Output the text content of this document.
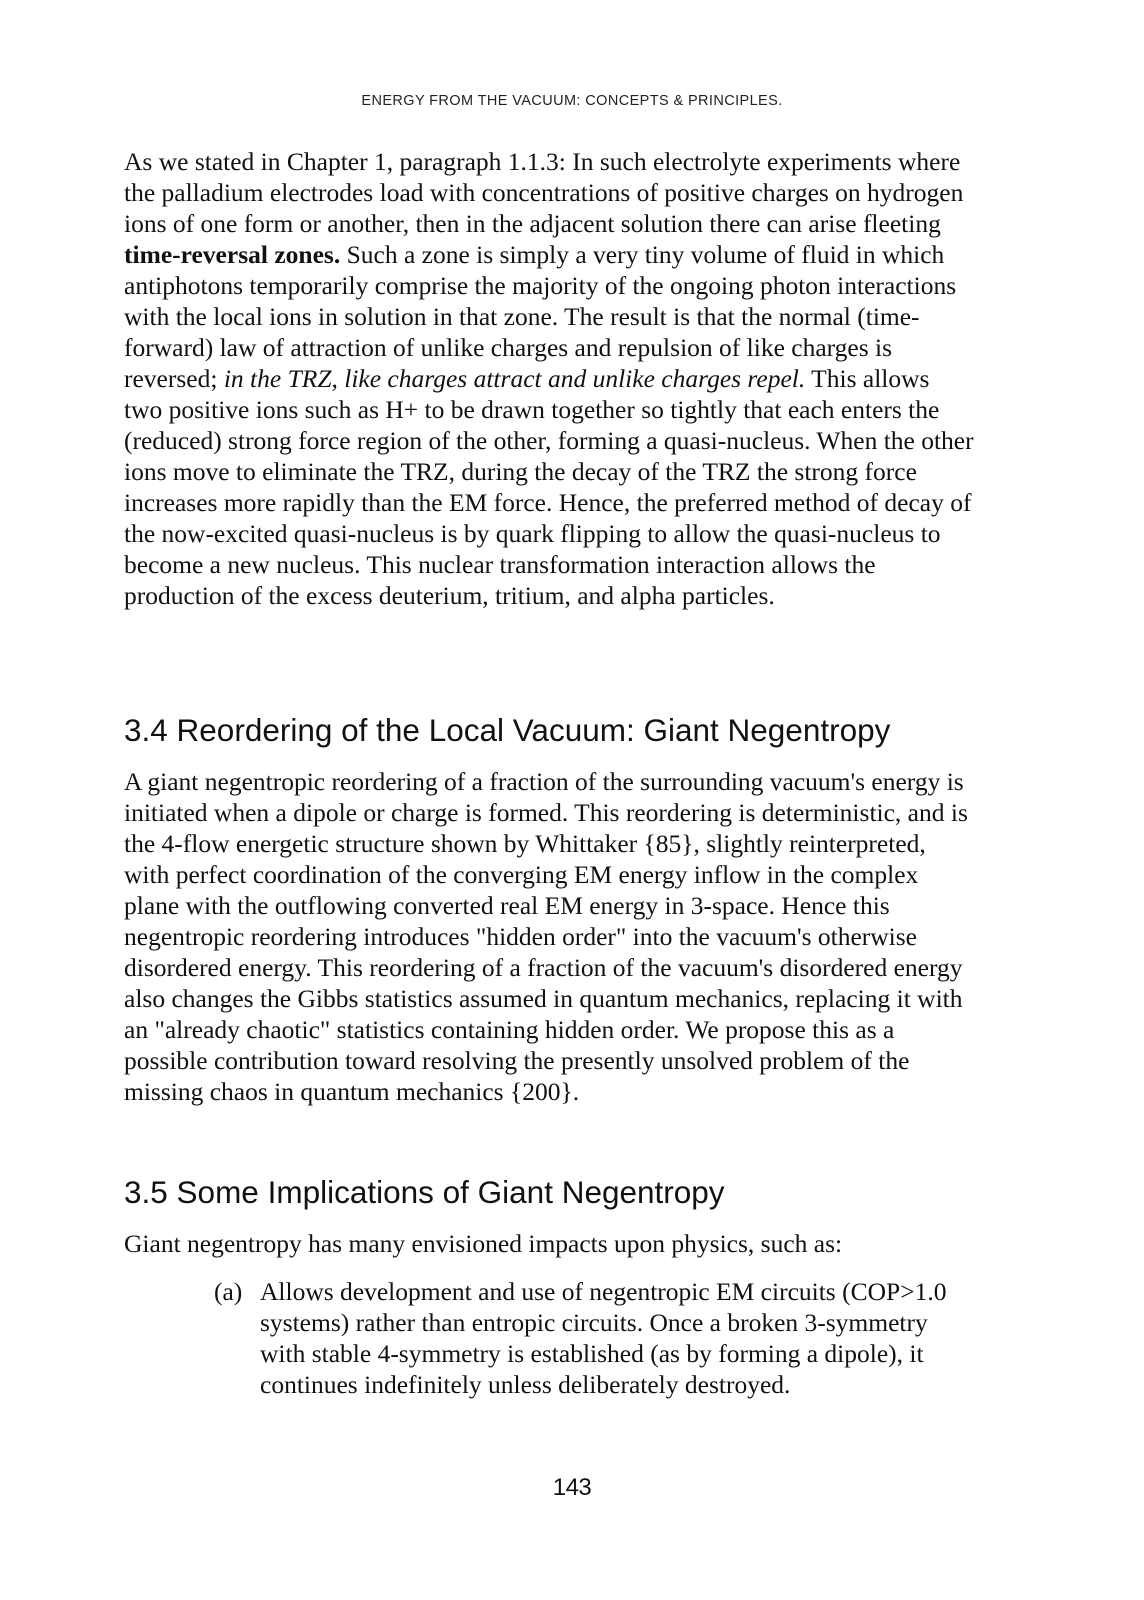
ENERGY FROM THE VACUUM: CONCEPTS & PRINCIPLES.

As we stated in Chapter 1, paragraph 1.1.3: In such electrolyte experiments where the palladium electrodes load with concentrations of positive charges on hydrogen ions of one form or another, then in the adjacent solution there can arise fleeting time-reversal zones. Such a zone is simply a very tiny volume of fluid in which antiphotons temporarily comprise the majority of the ongoing photon interactions with the local ions in solution in that zone. The result is that the normal (time-forward) law of attraction of unlike charges and repulsion of like charges is reversed; in the TRZ, like charges attract and unlike charges repel. This allows two positive ions such as H+ to be drawn together so tightly that each enters the (reduced) strong force region of the other, forming a quasi-nucleus. When the other ions move to eliminate the TRZ, during the decay of the TRZ the strong force increases more rapidly than the EM force. Hence, the preferred method of decay of the now-excited quasi-nucleus is by quark flipping to allow the quasi-nucleus to become a new nucleus. This nuclear transformation interaction allows the production of the excess deuterium, tritium, and alpha particles.

3.4 Reordering of the Local Vacuum: Giant Negentropy

A giant negentropic reordering of a fraction of the surrounding vacuum's energy is initiated when a dipole or charge is formed. This reordering is deterministic, and is the 4-flow energetic structure shown by Whittaker {85}, slightly reinterpreted, with perfect coordination of the converging EM energy inflow in the complex plane with the outflowing converted real EM energy in 3-space. Hence this negentropic reordering introduces "hidden order" into the vacuum's otherwise disordered energy. This reordering of a fraction of the vacuum's disordered energy also changes the Gibbs statistics assumed in quantum mechanics, replacing it with an "already chaotic" statistics containing hidden order. We propose this as a possible contribution toward resolving the presently unsolved problem of the missing chaos in quantum mechanics {200}.

3.5 Some Implications of Giant Negentropy

Giant negentropy has many envisioned impacts upon physics, such as:

(a) Allows development and use of negentropic EM circuits (COP>1.0 systems) rather than entropic circuits. Once a broken 3-symmetry with stable 4-symmetry is established (as by forming a dipole), it continues indefinitely unless deliberately destroyed.
143
